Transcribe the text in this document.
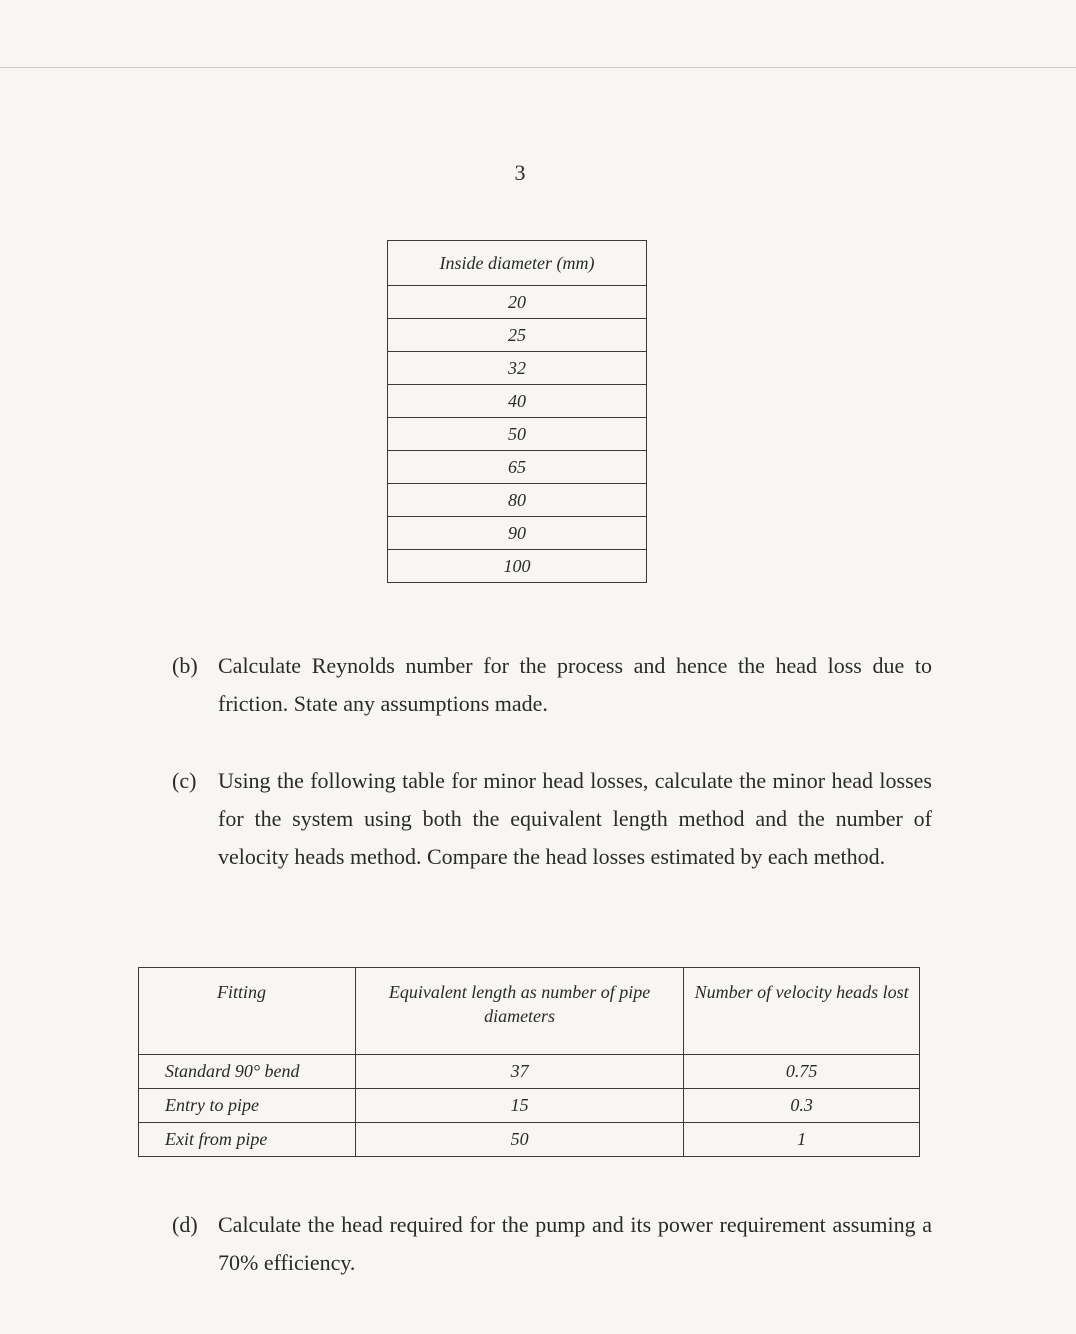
3
Inside diameter (mm)
20
25
32
40
50
65
80
90
100
(b) Calculate Reynolds number for the process and hence the head loss due to friction. State any assumptions made.
(c) Using the following table for minor head losses, calculate the minor head losses for the system using both the equivalent length method and the number of velocity heads method. Compare the head losses estimated by each method.
Fitting	Equivalent length as number of pipe diameters	Number of velocity heads lost
Standard 90° bend	37	0.75
Entry to pipe	15	0.3
Exit from pipe	50	1
(d) Calculate the head required for the pump and its power requirement assuming a 70% efficiency.
